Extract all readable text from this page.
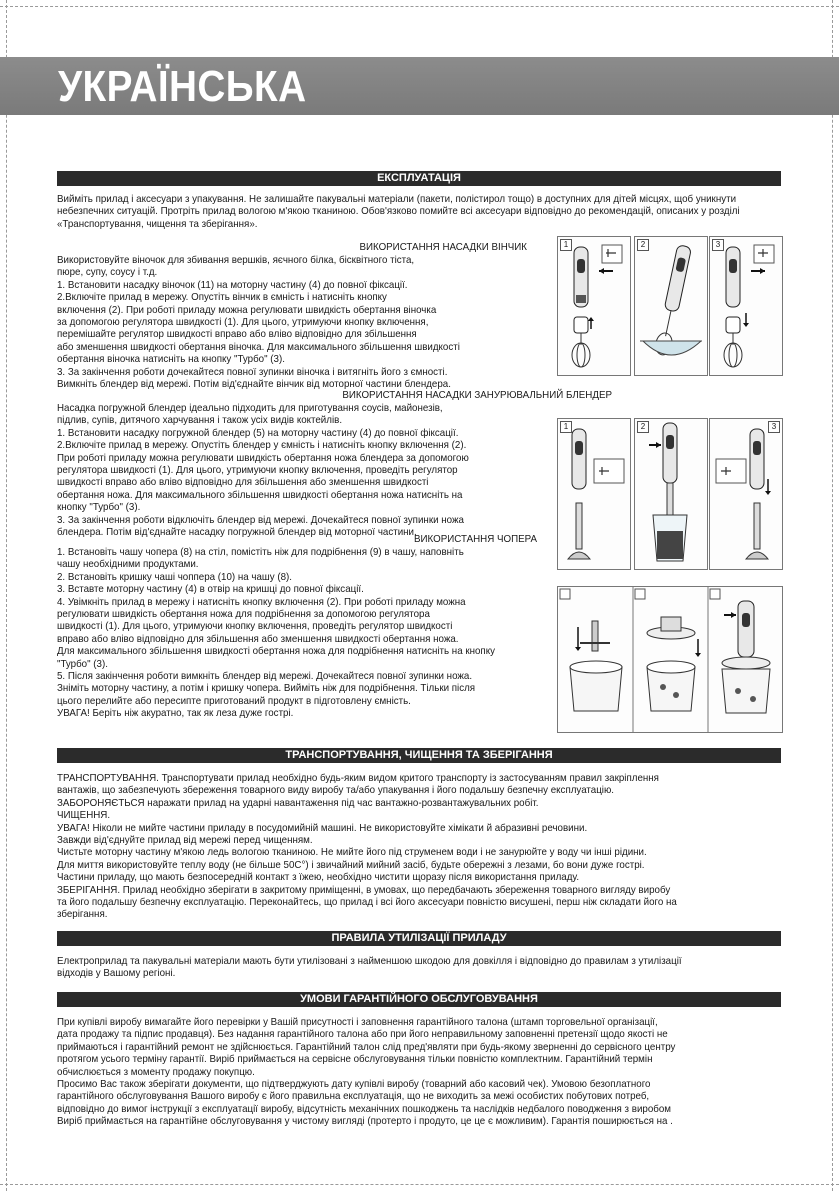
УКРАЇНСЬКА
ЕКСПЛУАТАЦІЯ

Вийміть прилад і аксесуари з упакування. Не залишайте пакувальні матеріали (пакети, полістирол тощо) в доступних для дітей місцях, щоб уникнути небезпечних ситуацій. Протріть прилад вологою м'якою тканиною. Обов'язково помийте всі аксесуари відповідно до рекомендацій, описаних у розділі «Транспортування, чищення та зберігання».

ВИКОРИСТАННЯ НАСАДКИ ВІНЧИК

Використовуйте віночок для збивання вершків, яєчного білка, бісквітного тіста,

пюре, супу, соусу і т.д.

1. Встановити насадку віночок (11) на моторну частину (4) до повної фіксації.

2.Включіте прилад в мережу. Опустіть вінчик в ємність і натисніть кнопку

включення (2). При роботі приладу можна регулювати швидкість обертання віночка

за допомогою регулятора швидкості (1). Для цього, утримуючи кнопку включення,

перемішайте регулятор швидкості вправо або вліво відповідно для збільшення

або зменшення швидкості обертання віночка. Для максимального збільшення швидкості

обертання віночка натисніть на кнопку "Турбо" (3).

3. За закінчення роботи дочекайтеся повної зупинки віночка і витягніть його з ємності.

Вимкніть блендер від мережі. Потім від'єднайте вінчик від моторної частини блендера.

ВИКОРИСТАННЯ НАСАДКИ ЗАНУРЮВАЛЬНИЙ БЛЕНДЕР

Насадка погружной блендер ідеально підходить для приготування соусів, майонезів,

підлив, супів, дитячого харчування і також усіх видів коктейлів.

1. Встановити насадку погружной блендер (5) на моторну частину (4) до повної фіксації.

2.Включіте прилад в мережу. Опустіть блендер у ємність і натисніть кнопку включення (2).

При роботі приладу можна регулювати швидкість обертання ножа блендера за допомогою

регулятора швидкості (1). Для цього, утримуючи кнопку включення, проведіть регулятор

швидкості вправо або вліво відповідно для збільшення або зменшення швидкості

обертання ножа. Для максимального збільшення швидкості обертання ножа натисніть на

кнопку "Турбо" (3).

3. За закінчення роботи відключіть блендер від мережі. Дочекайтеся повної зупинки ножа

блендера. Потім від'єднайте насадку погружной блендер від моторної частини.

ВИКОРИСТАННЯ ЧОПЕРА

1. Встановіть чашу чопера (8) на стіл, помістіть ніж для подрібнення (9) в чашу, наповніть

чашу необхідними продуктами.

2. Встановіть кришку чаші чоппера (10) на чашу (8).

3. Вставте моторну частину (4) в отвір на кришці до повної фіксації.

4. Увімкніть прилад в мережу і натисніть кнопку включення (2). При роботі приладу можна

регулювати швидкість обертання ножа для подрібнення за допомогою регулятора

швидкості (1). Для цього, утримуючи кнопку включення, проведіть регулятор швидкості

вправо або вліво відповідно для збільшення або зменшення швидкості обертання ножа.

Для максимального збільшення швидкості обертання ножа для подрібнення натисніть на кнопку

"Турбо" (3).

5. Після закінчення роботи вимкніть блендер від мережі. Дочекайтеся повної зупинки ножа.

Зніміть моторну частину, а потім і кришку чопера. Вийміть ніж для подрібнення. Тільки після

цього перелийте або пересипте приготований продукт в підготовлену ємність.

УВАГА! Беріть ніж акуратно, так як леза дуже гострі.

1	2	3
1	2	3
ТРАНСПОРТУВАННЯ, ЧИЩЕННЯ ТА ЗБЕРІГАННЯ

ТРАНСПОРТУВАННЯ. Транспортувати прилад необхідно будь-яким видом критого транспорту із застосуванням правил закріплення

вантажів, що забезпечують збереження товарного виду виробу та/або упакування і його подальшу безпечну експлуатацію.

ЗАБОРОНЯЄТЬСЯ наражати прилад на ударні навантаження під час вантажно-розвантажувальних робіт.

ЧИЩЕННЯ.

УВАГА! Ніколи не мийте частини приладу в посудомийній машині. Не використовуйте хімікати й абразивні речовини.

Завжди від'єднуйте прилад від мережі перед чищенням.

Чистьте моторну частину м'якою ледь вологою тканиною. Не мийте його під струменем води і не занурюйте у воду чи інші рідини.

Для миття використовуйте теплу воду (не більше 50C°) і звичайний мийний засіб, будьте обережні з лезами, бо вони дуже гострі.

Частини приладу, що мають безпосередній контакт з їжею, необхідно чистити щоразу після використання приладу.

ЗБЕРІГАННЯ. Прилад необхідно зберігати в закритому приміщенні, в умовах, що передбачають збереження товарного вигляду виробу

та його подальшу безпечну експлуатацію. Переконайтесь, що прилад і всі його аксесуари повністю висушені, перш ніж складати його на

зберігання.

ПРАВИЛА УТИЛІЗАЦІЇ ПРИЛАДУ

Електроприлад та пакувальні матеріали мають бути утилізовані з найменшою шкодою для довкілля і відповідно до правилам з утилізації

відходів у Вашому регіоні.

УМОВИ ГАРАНТІЙНОГО ОБСЛУГОВУВАННЯ

При купівлі виробу вимагайте його перевірки у Вашій присутності і заповнення гарантійного талона (штамп торговельної організації,

дата продажу та підпис продавця). Без надання гарантійного талона або при його неправильному заповненні претензії щодо якості не

приймаються і гарантійний ремонт не здійснюється. Гарантійний талон слід пред'являти при будь-якому зверненні до сервісного центру

протягом усього терміну гарантії. Виріб приймається на сервісне обслуговування тільки повністю комплектним. Гарантійний термін

обчислюється з моменту продажу покупцю.

Просимо Вас також зберігати документи, що підтверджують дату купівлі виробу (товарний або касовий чек). Умовою безоплатного

гарантійного обслуговування Вашого виробу є його правильна експлуатація, що не виходить за межі особистих побутових потреб,

відповідно до вимог інструкції з експлуатації виробу, відсутність механічних пошкоджень та наслідків недбалого поводження з виробом

Виріб приймається на гарантійне обслуговування у чистому вигляді (протерто і продуто, це це є можливим). Гарантія поширюється на .
